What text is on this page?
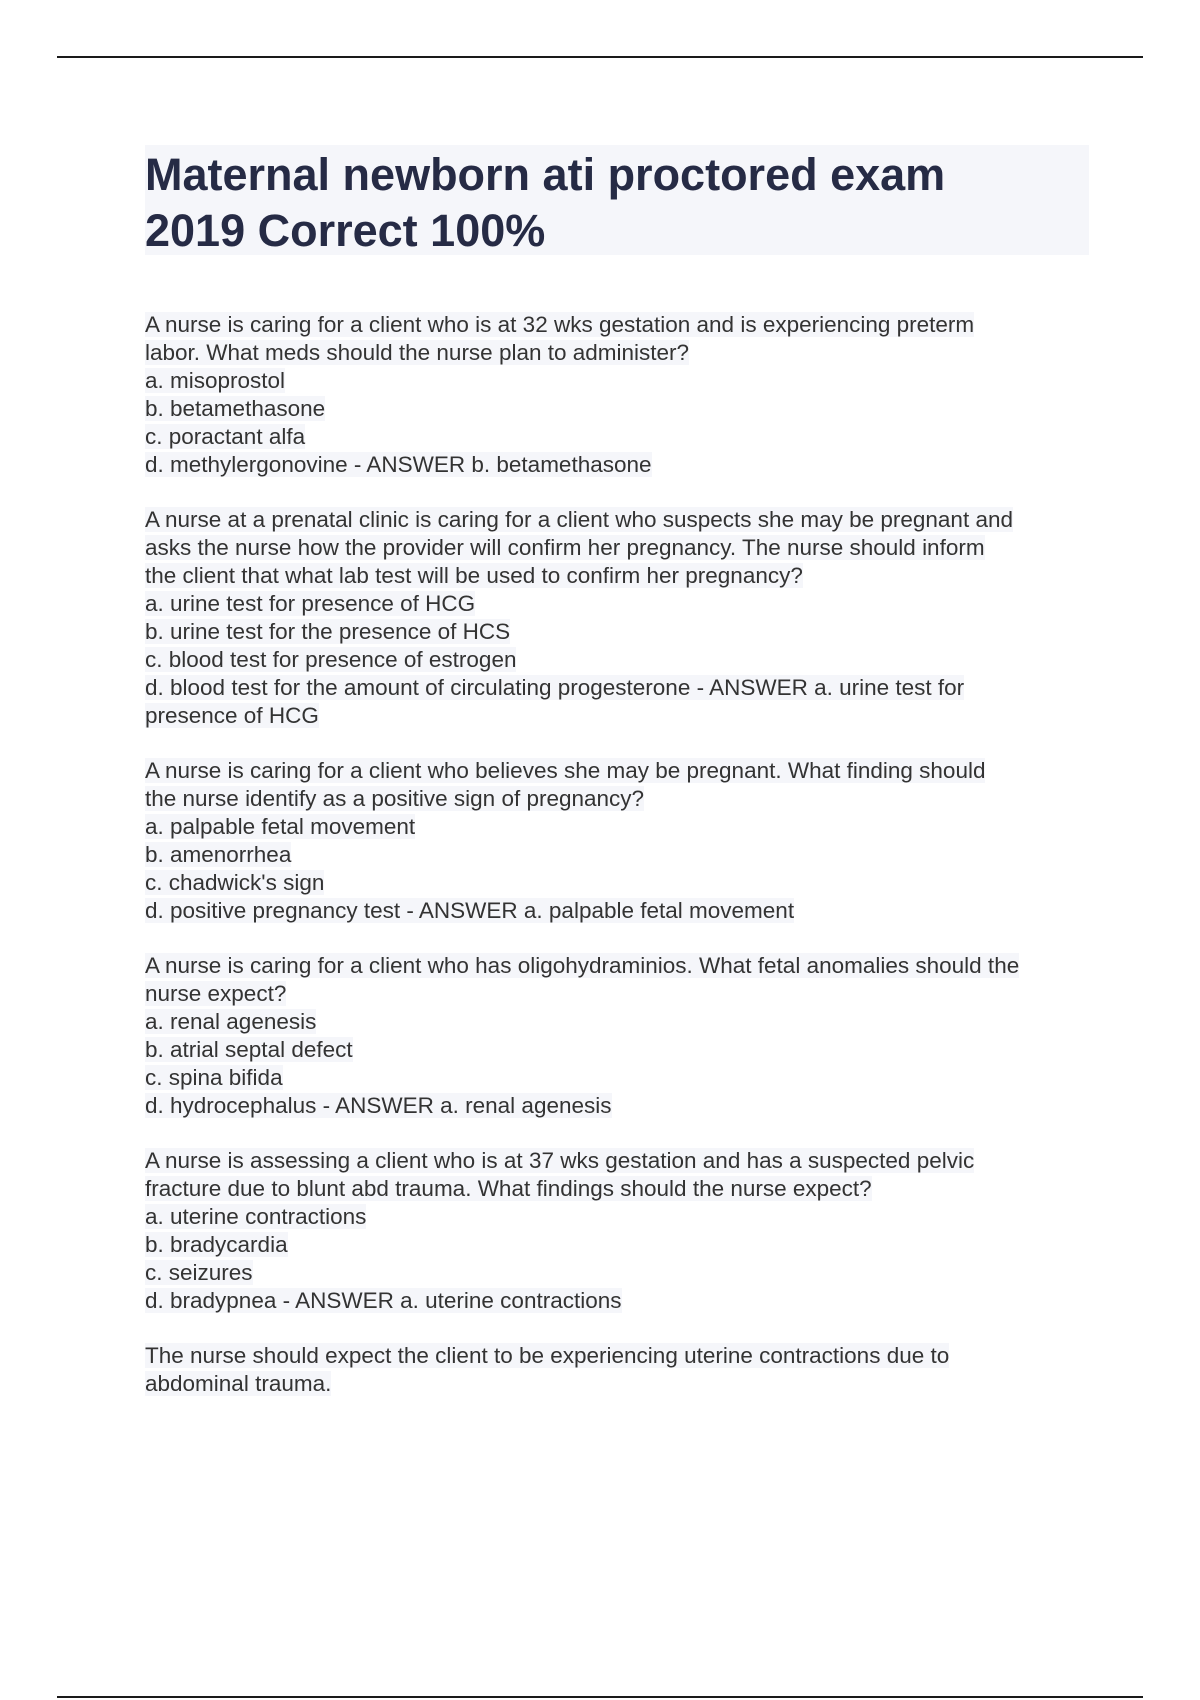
Maternal newborn ati proctored exam
2019 Correct 100%
A nurse is caring for a client who is at 32 wks gestation and is experiencing preterm
labor. What meds should the nurse plan to administer?
a. misoprostol
b. betamethasone
c. poractant alfa
d. methylergonovine - ANSWER b. betamethasone
A nurse at a prenatal clinic is caring for a client who suspects she may be pregnant and
asks the nurse how the provider will confirm her pregnancy. The nurse should inform
the client that what lab test will be used to confirm her pregnancy?
a. urine test for presence of HCG
b. urine test for the presence of HCS
c. blood test for presence of estrogen
d. blood test for the amount of circulating progesterone - ANSWER a. urine test for
presence of HCG
A nurse is caring for a client who believes she may be pregnant. What finding should
the nurse identify as a positive sign of pregnancy?
a. palpable fetal movement
b. amenorrhea
c. chadwick's sign
d. positive pregnancy test - ANSWER a. palpable fetal movement
A nurse is caring for a client who has oligohydraminios. What fetal anomalies should the
nurse expect?
a. renal agenesis
b. atrial septal defect
c. spina bifida
d. hydrocephalus - ANSWER a. renal agenesis
A nurse is assessing a client who is at 37 wks gestation and has a suspected pelvic
fracture due to blunt abd trauma. What findings should the nurse expect?
a. uterine contractions
b. bradycardia
c. seizures
d. bradypnea - ANSWER a. uterine contractions
The nurse should expect the client to be experiencing uterine contractions due to
abdominal trauma.
